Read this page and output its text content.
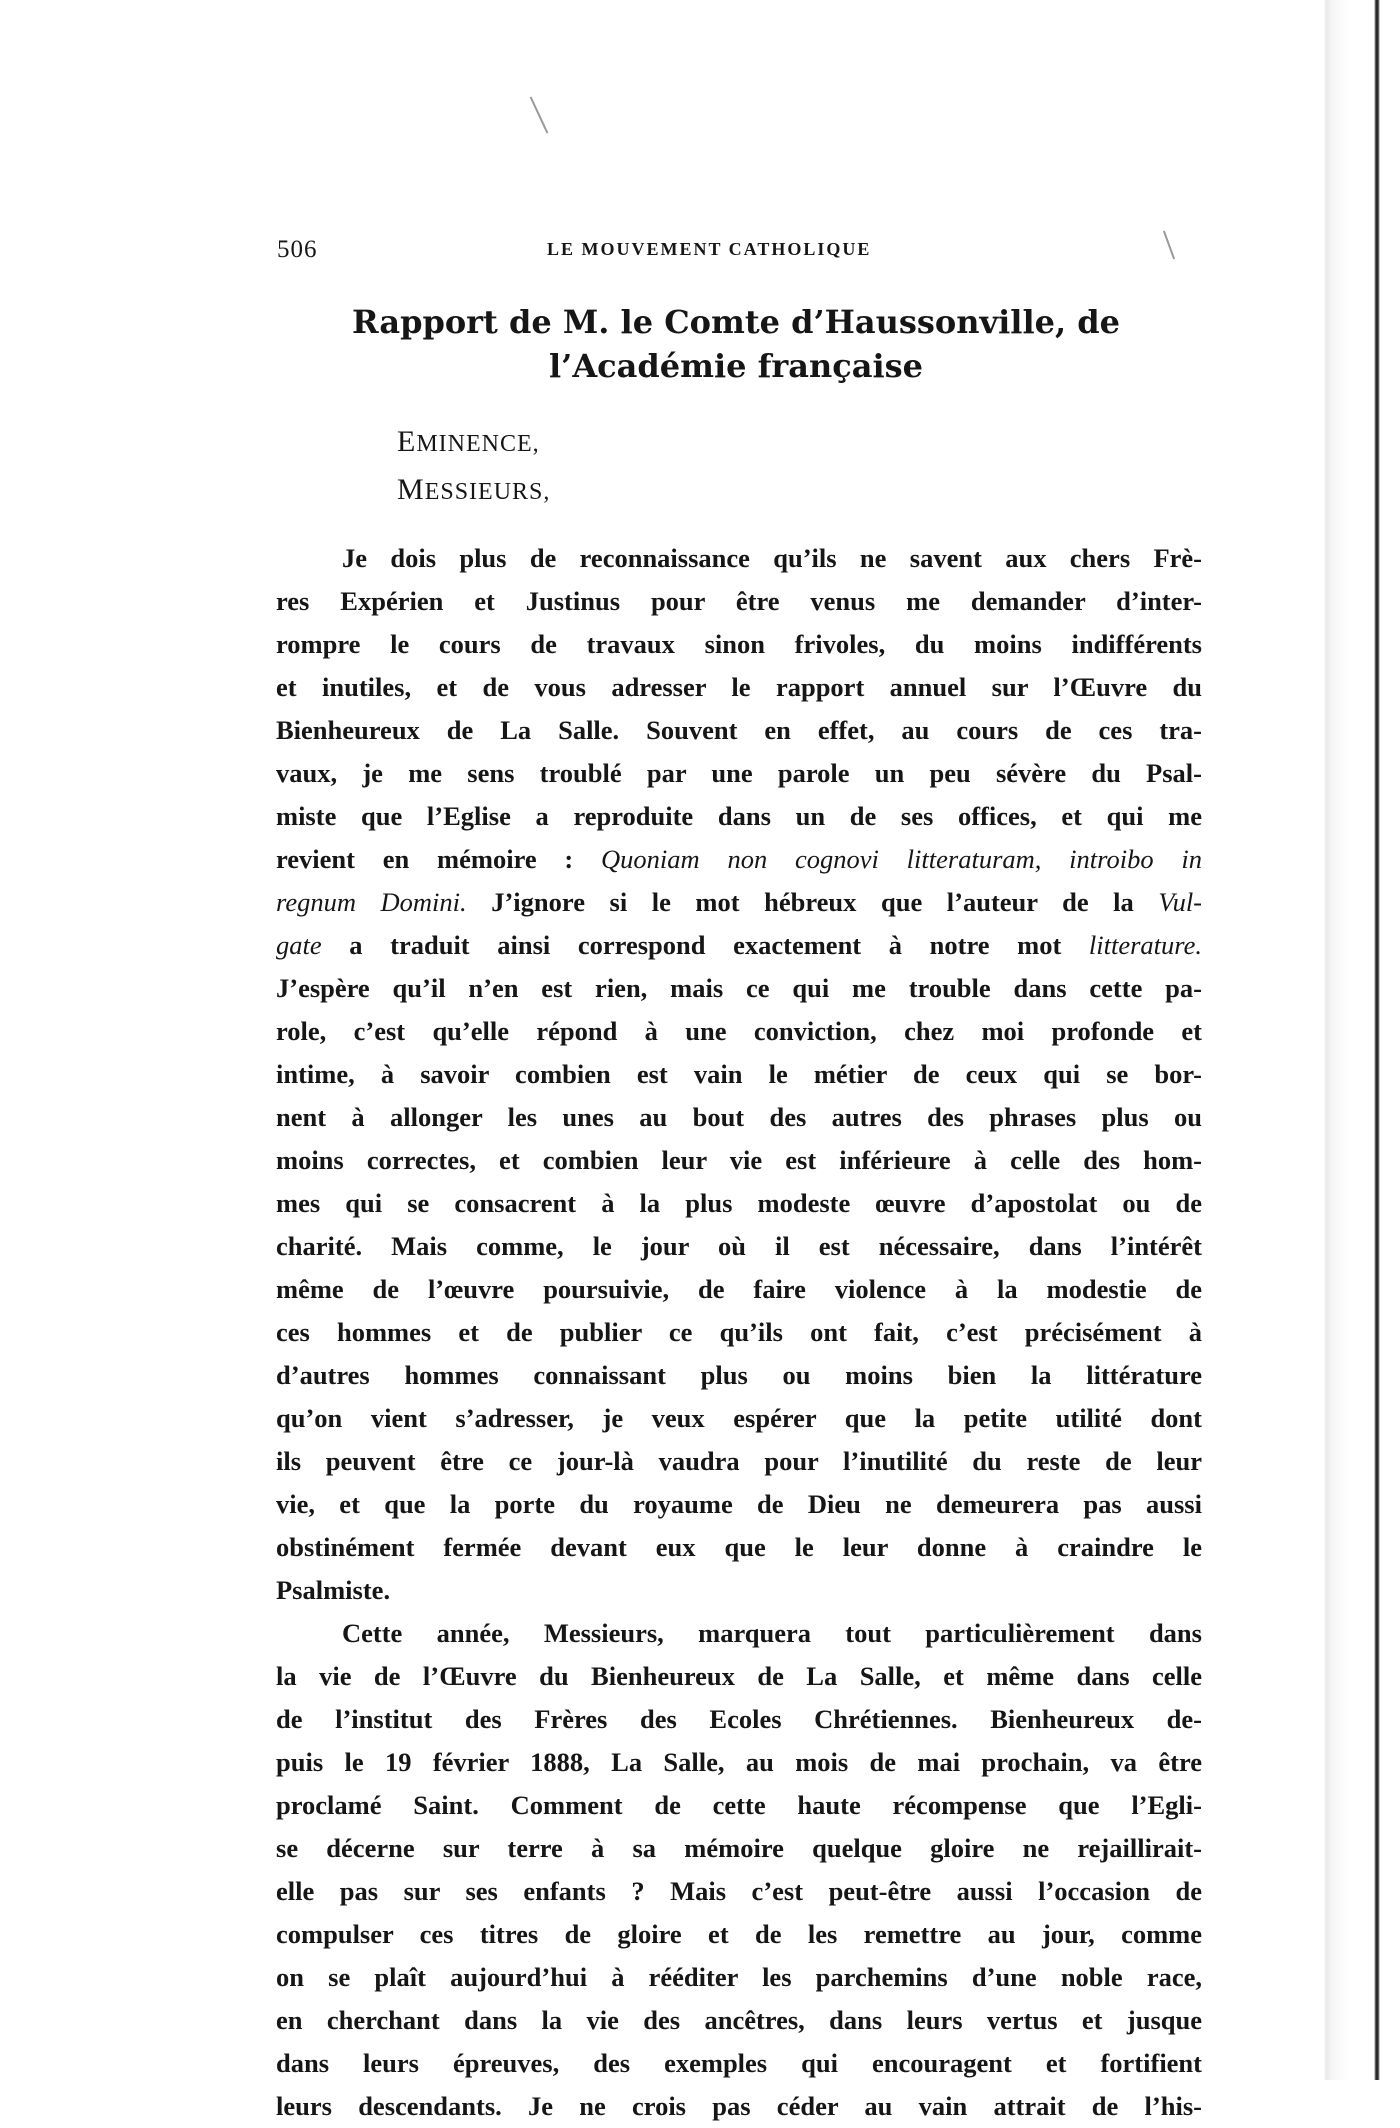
506	LE MOUVEMENT CATHOLIQUE
Rapport de M. le Comte d’Haussonville, de
l’Académie française
EMINENCE,
MESSIEURS,
Je dois plus de reconnaissance qu’ils ne savent aux chers Frè-
res Expérien et Justinus pour être venus me demander d’inter-
rompre le cours de travaux sinon frivoles, du moins indifférents
et inutiles, et de vous adresser le rapport annuel sur l’Œuvre du
Bienheureux de La Salle. Souvent en effet, au cours de ces tra-
vaux, je me sens troublé par une parole un peu sévère du Psal-
miste que l’Eglise a reproduite dans un de ses offices, et qui me
revient en mémoire : Quoniam non cognovi litteraturam, introibo in
regnum Domini. J’ignore si le mot hébreux que l’auteur de la Vul-
gate a traduit ainsi correspond exactement à notre mot litterature.
J’espère qu’il n’en est rien, mais ce qui me trouble dans cette pa-
role, c’est qu’elle répond à une conviction, chez moi profonde et
intime, à savoir combien est vain le métier de ceux qui se bor-
nent à allonger les unes au bout des autres des phrases plus ou
moins correctes, et combien leur vie est inférieure à celle des hom-
mes qui se consacrent à la plus modeste œuvre d’apostolat ou de
charité. Mais comme, le jour où il est nécessaire, dans l’intérêt
même de l’œuvre poursuivie, de faire violence à la modestie de
ces hommes et de publier ce qu’ils ont fait, c’est précisément à
d’autres hommes connaissant plus ou moins bien la littérature
qu’on vient s’adresser, je veux espérer que la petite utilité dont
ils peuvent être ce jour-là vaudra pour l’inutilité du reste de leur
vie, et que la porte du royaume de Dieu ne demeurera pas aussi
obstinément fermée devant eux que le leur donne à craindre le
Psalmiste.
Cette année, Messieurs, marquera tout particulièrement dans
la vie de l’Œuvre du Bienheureux de La Salle, et même dans celle
de l’institut des Frères des Ecoles Chrétiennes. Bienheureux de-
puis le 19 février 1888, La Salle, au mois de mai prochain, va être
proclamé Saint. Comment de cette haute récompense que l’Egli-
se décerne sur terre à sa mémoire quelque gloire ne rejaillirait-
elle pas sur ses enfants ? Mais c’est peut-être aussi l’occasion de
compulser ces titres de gloire et de les remettre au jour, comme
on se plaît aujourd’hui à rééditer les parchemins d’une noble race,
en cherchant dans la vie des ancêtres, dans leurs vertus et jusque
dans leurs épreuves, des exemples qui encouragent et fortifient
leurs descendants. Je ne crois pas céder au vain attrait de l’his-
